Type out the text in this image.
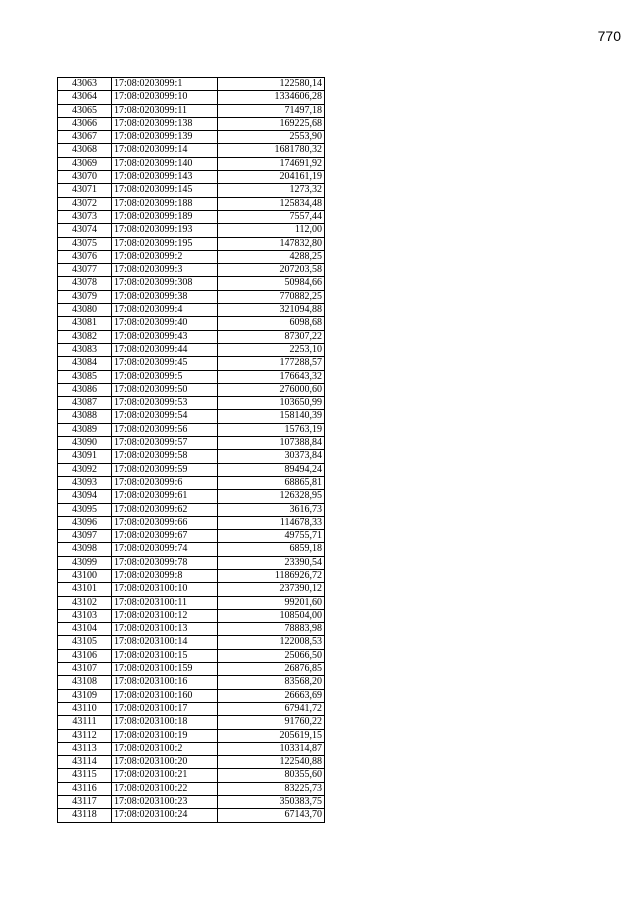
770
43063	17:08:0203099:1	122580,14
43064	17:08:0203099:10	1334606,28
43065	17:08:0203099:11	71497,18
43066	17:08:0203099:138	169225,68
43067	17:08:0203099:139	2553,90
43068	17:08:0203099:14	1681780,32
43069	17:08:0203099:140	174691,92
43070	17:08:0203099:143	204161,19
43071	17:08:0203099:145	1273,32
43072	17:08:0203099:188	125834,48
43073	17:08:0203099:189	7557,44
43074	17:08:0203099:193	112,00
43075	17:08:0203099:195	147832,80
43076	17:08:0203099:2	4288,25
43077	17:08:0203099:3	207203,58
43078	17:08:0203099:308	50984,66
43079	17:08:0203099:38	770882,25
43080	17:08:0203099:4	321094,88
43081	17:08:0203099:40	6098,68
43082	17:08:0203099:43	87307,22
43083	17:08:0203099:44	2253,10
43084	17:08:0203099:45	177288,57
43085	17:08:0203099:5	176643,32
43086	17:08:0203099:50	276000,60
43087	17:08:0203099:53	103650,99
43088	17:08:0203099:54	158140,39
43089	17:08:0203099:56	15763,19
43090	17:08:0203099:57	107388,84
43091	17:08:0203099:58	30373,84
43092	17:08:0203099:59	89494,24
43093	17:08:0203099:6	68865,81
43094	17:08:0203099:61	126328,95
43095	17:08:0203099:62	3616,73
43096	17:08:0203099:66	114678,33
43097	17:08:0203099:67	49755,71
43098	17:08:0203099:74	6859,18
43099	17:08:0203099:78	23390,54
43100	17:08:0203099:8	1186926,72
43101	17:08:0203100:10	237390,12
43102	17:08:0203100:11	99201,60
43103	17:08:0203100:12	108504,00
43104	17:08:0203100:13	78883,98
43105	17:08:0203100:14	122008,53
43106	17:08:0203100:15	25066,50
43107	17:08:0203100:159	26876,85
43108	17:08:0203100:16	83568,20
43109	17:08:0203100:160	26663,69
43110	17:08:0203100:17	67941,72
43111	17:08:0203100:18	91760,22
43112	17:08:0203100:19	205619,15
43113	17:08:0203100:2	103314,87
43114	17:08:0203100:20	122540,88
43115	17:08:0203100:21	80355,60
43116	17:08:0203100:22	83225,73
43117	17:08:0203100:23	350383,75
43118	17:08:0203100:24	67143,70
